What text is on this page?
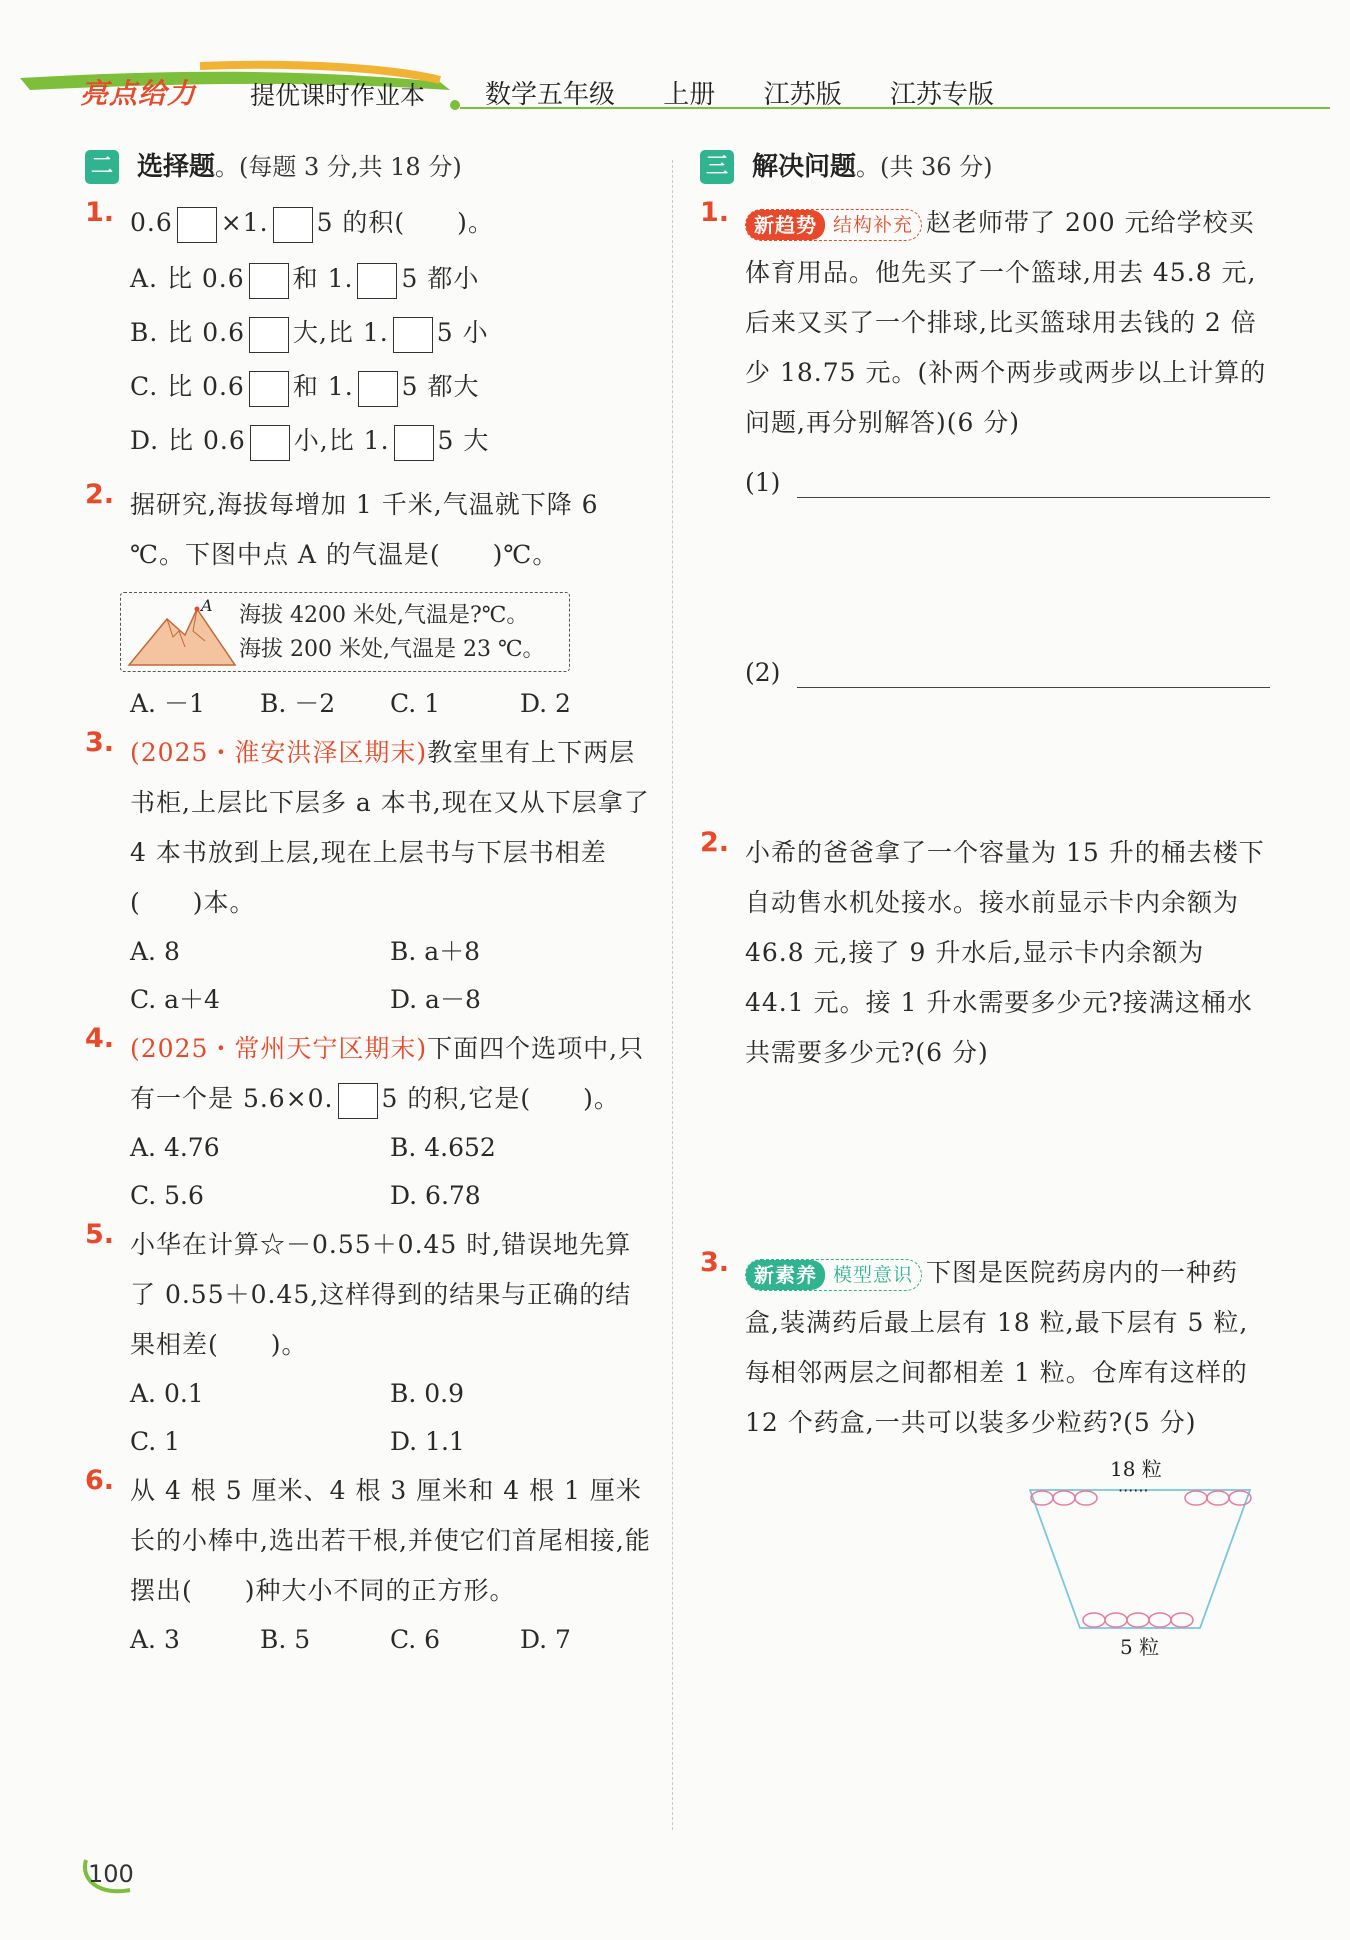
亮点给力 提优课时作业本 数学五年级 上册 江苏版 江苏专版
二 选择题 。(每题 3 分,共 18 分)
1. 0.6 ×1. 5 的积(　　)。

A. 比 0.6 和 1. 5 都小

B. 比 0.6 大,比 1. 5 小

C. 比 0.6 和 1. 5 都大

D. 比 0.6 小,比 1. 5 大

2. 据研究,海拔每增加 1 千米,气温就下降 6 ℃。下图中点 A 的气温是(　　)℃。

A 海拔 4200 米处,气温是?℃。
海拔 200 米处,气温是 23 ℃。
A. －1	B. －2	C. 1	D. 2
3. (2025・淮安洪泽区期末)教室里有上下两层书柜,上层比下层多 a 本书,现在又从下层拿了 4 本书放到上层,现在上层书与下层书相差(　　)本。

A. 8	B. a＋8
C. a＋4	D. a－8
4. (2025・常州天宁区期末)下面四个选项中,只有一个是 5.6×0. 5 的积,它是(　　)。

A. 4.76	B. 4.652
C. 5.6	D. 6.78
5. 小华在计算☆－0.55＋0.45 时,错误地先算了 0.55＋0.45,这样得到的结果与正确的结果相差(　　)。

A. 0.1	B. 0.9
C. 1	D. 1.1
6. 从 4 根 5 厘米、4 根 3 厘米和 4 根 1 厘米长的小棒中,选出若干根,并使它们首尾相接,能摆出(　　)种大小不同的正方形。

A. 3	B. 5	C. 6	D. 7
三 解决问题 。(共 36 分)
1.	新趋势 结构补充 赵老师带了 200 元给学校买体育用品。他先买了一个篮球,用去 45.8 元,后来又买了一个排球,比买篮球用去钱的 2 倍少 18.75 元。(补两个两步或两步以上计算的问题,再分别解答)(6 分)

(1)
(2)
2. 小希的爸爸拿了一个容量为 15 升的桶去楼下自动售水机处接水。接水前显示卡内余额为 46.8 元,接了 9 升水后,显示卡内余额为 44.1 元。接 1 升水需要多少元?接满这桶水共需要多少元?(6 分)

3.	新素养 模型意识 下图是医院药房内的一种药盒,装满药后最上层有 18 粒,最下层有 5 粒,每相邻两层之间都相差 1 粒。仓库有这样的 12 个药盒,一共可以装多少粒药?(5 分)

18 粒
······
5 粒
100
